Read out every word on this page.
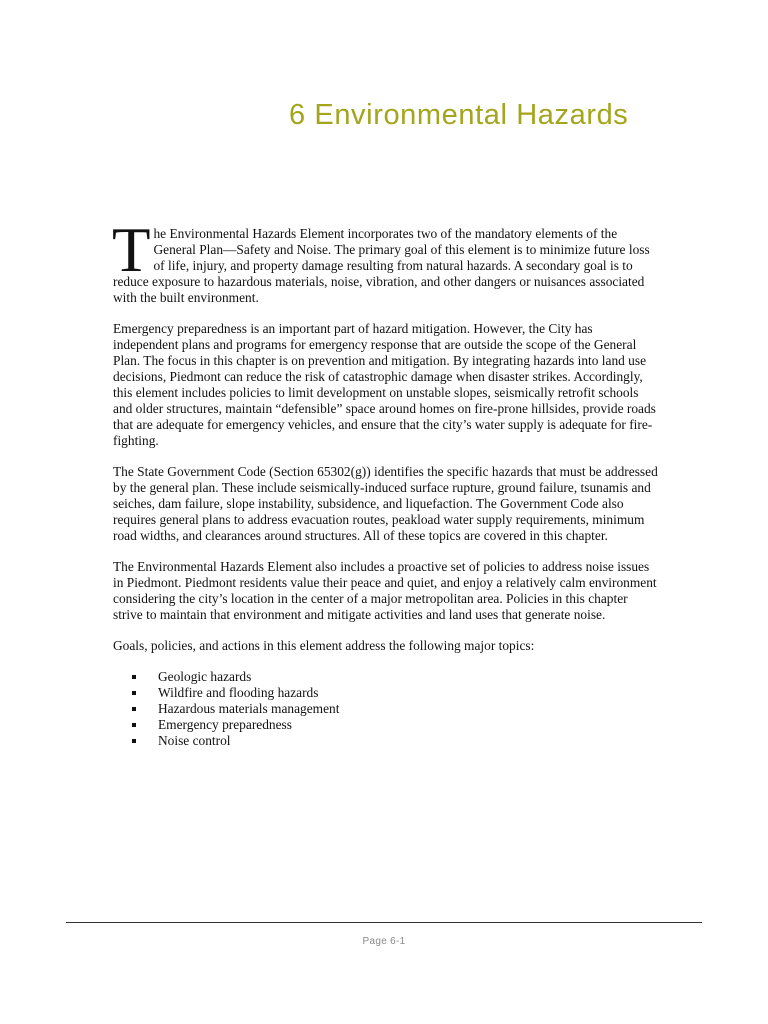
6 Environmental Hazards

The Environmental Hazards Element incorporates two of the mandatory elements of the General Plan—Safety and Noise. The primary goal of this element is to minimize future loss of life, injury, and property damage resulting from natural hazards. A secondary goal is to reduce exposure to hazardous materials, noise, vibration, and other dangers or nuisances associated with the built environment.

Emergency preparedness is an important part of hazard mitigation. However, the City has independent plans and programs for emergency response that are outside the scope of the General Plan. The focus in this chapter is on prevention and mitigation. By integrating hazards into land use decisions, Piedmont can reduce the risk of catastrophic damage when disaster strikes. Accordingly, this element includes policies to limit development on unstable slopes, seismically retrofit schools and older structures, maintain “defensible” space around homes on fire-prone hillsides, provide roads that are adequate for emergency vehicles, and ensure that the city’s water supply is adequate for fire-fighting.

The State Government Code (Section 65302(g)) identifies the specific hazards that must be addressed by the general plan. These include seismically-induced surface rupture, ground failure, tsunamis and seiches, dam failure, slope instability, subsidence, and liquefaction. The Government Code also requires general plans to address evacuation routes, peakload water supply requirements, minimum road widths, and clearances around structures. All of these topics are covered in this chapter.

The Environmental Hazards Element also includes a proactive set of policies to address noise issues in Piedmont. Piedmont residents value their peace and quiet, and enjoy a relatively calm environment considering the city’s location in the center of a major metropolitan area. Policies in this chapter strive to maintain that environment and mitigate activities and land uses that generate noise.

Goals, policies, and actions in this element address the following major topics:

Geologic hazards
Wildfire and flooding hazards
Hazardous materials management
Emergency preparedness
Noise control
Page 6-1
